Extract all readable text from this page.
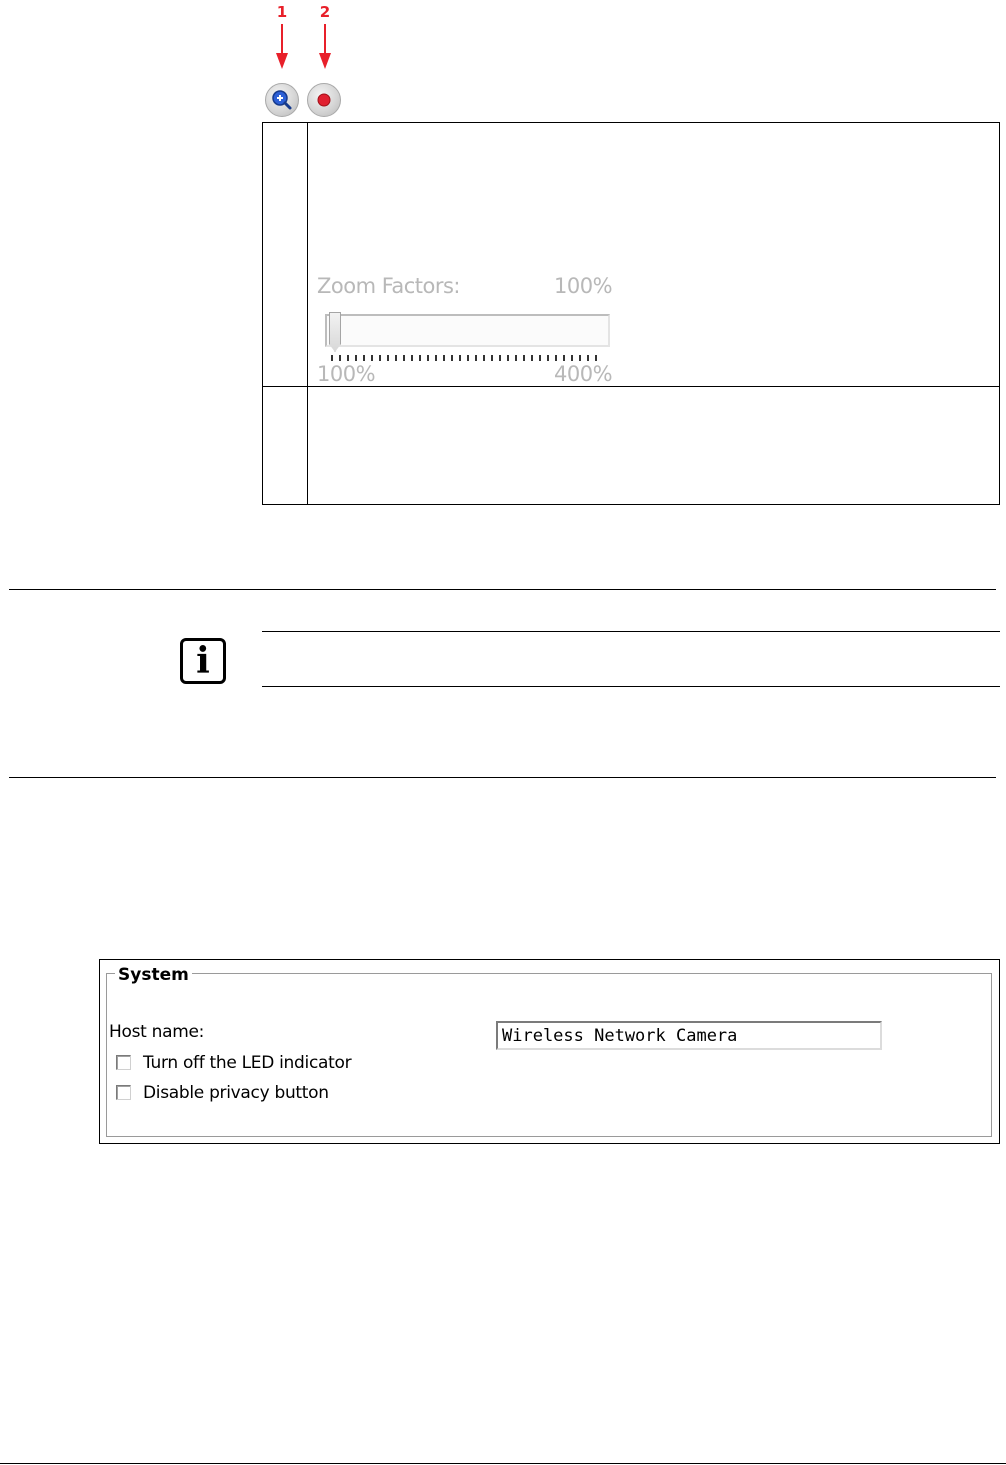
1	2
Zoom Factors:	100%
100%	400%
i
System
Host name:
Wireless Network Camera
Turn off the LED indicator
Disable privacy button
